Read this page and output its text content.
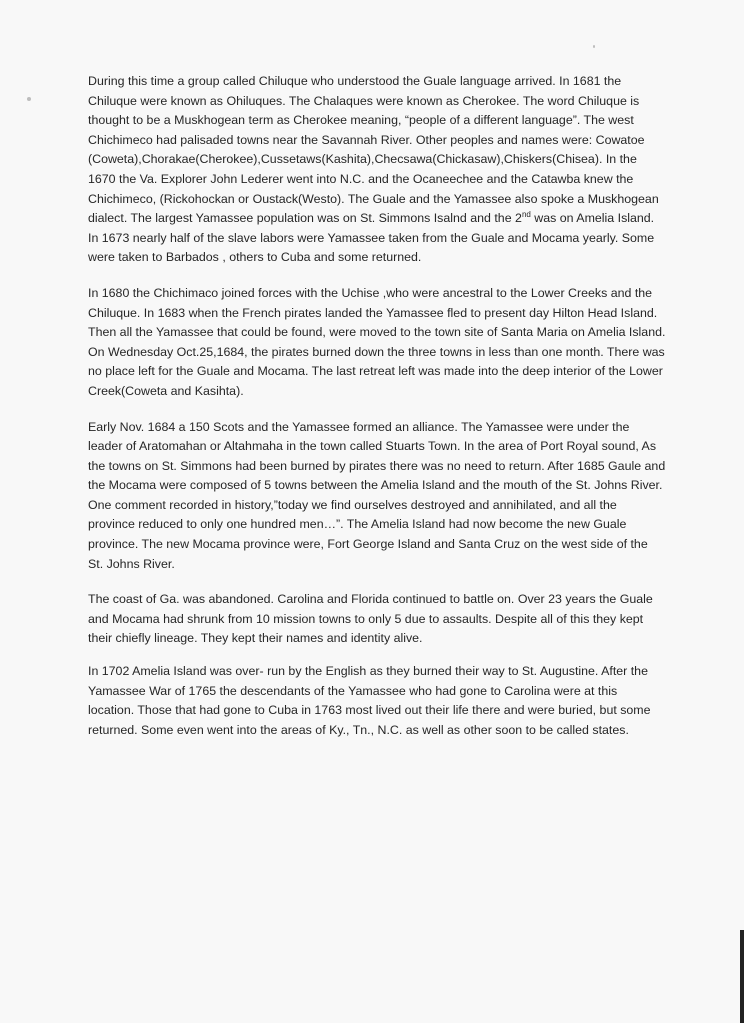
During this time a group called Chiluque who understood the Guale language arrived. In 1681 the Chiluque were known as Ohiluques. The Chalaques were known as Cherokee. The word Chiluque is thought to be a Muskhogean term as Cherokee meaning, “people of a different language”. The west Chichimeco had palisaded towns near the Savannah River. Other peoples and names were: Cowatoe (Coweta),Chorakae(Cherokee),Cussetaws(Kashita),Checsawa(Chickasaw),Chiskers(Chisea). In the 1670 the Va. Explorer John Lederer went into N.C. and the Ocaneechee and the Catawba knew the Chichimeco, (Rickohockan or Oustack(Westo). The Guale and the Yamassee also spoke a Muskhogean dialect. The largest Yamassee population was on St. Simmons Isalnd and the 2nd was on Amelia Island. In 1673 nearly half of the slave labors were Yamassee taken from the Guale and Mocama yearly. Some were taken to Barbados , others to Cuba and some returned.

In 1680 the Chichimaco joined forces with the Uchise ,who were ancestral to the Lower Creeks and the Chiluque. In 1683 when the French pirates landed the Yamassee fled to present day Hilton Head Island. Then all the Yamassee that could be found, were moved to the town site of Santa Maria on Amelia Island. On Wednesday Oct.25,1684, the pirates burned down the three towns in less than one month. There was no place left for the Guale and Mocama. The last retreat left was made into the deep interior of the Lower Creek(Coweta and Kasihta).

Early Nov. 1684 a 150 Scots and the Yamassee formed an alliance. The Yamassee were under the leader of Aratomahan or Altahmaha in the town called Stuarts Town. In the area of Port Royal sound, As the towns on St. Simmons had been burned by pirates there was no need to return. After 1685 Gaule and the Mocama were composed of 5 towns between the Amelia Island and the mouth of the St. Johns River. One comment recorded in history,”today we find ourselves destroyed and annihilated, and all the province reduced to only one hundred men…”. The Amelia Island had now become the new Guale province. The new Mocama province were, Fort George Island and Santa Cruz on the west side of the St. Johns River.

The coast of Ga. was abandoned. Carolina and Florida continued to battle on. Over 23 years the Guale and Mocama had shrunk from 10 mission towns to only 5 due to assaults. Despite all of this they kept their chiefly lineage. They kept their names and identity alive.

In 1702 Amelia Island was over- run by the English as they burned their way to St. Augustine. After the Yamassee War of 1765 the descendants of the Yamassee who had gone to Carolina were at this location. Those that had gone to Cuba in 1763 most lived out their life there and were buried, but some returned. Some even went into the areas of Ky., Tn., N.C. as well as other soon to be called states.
